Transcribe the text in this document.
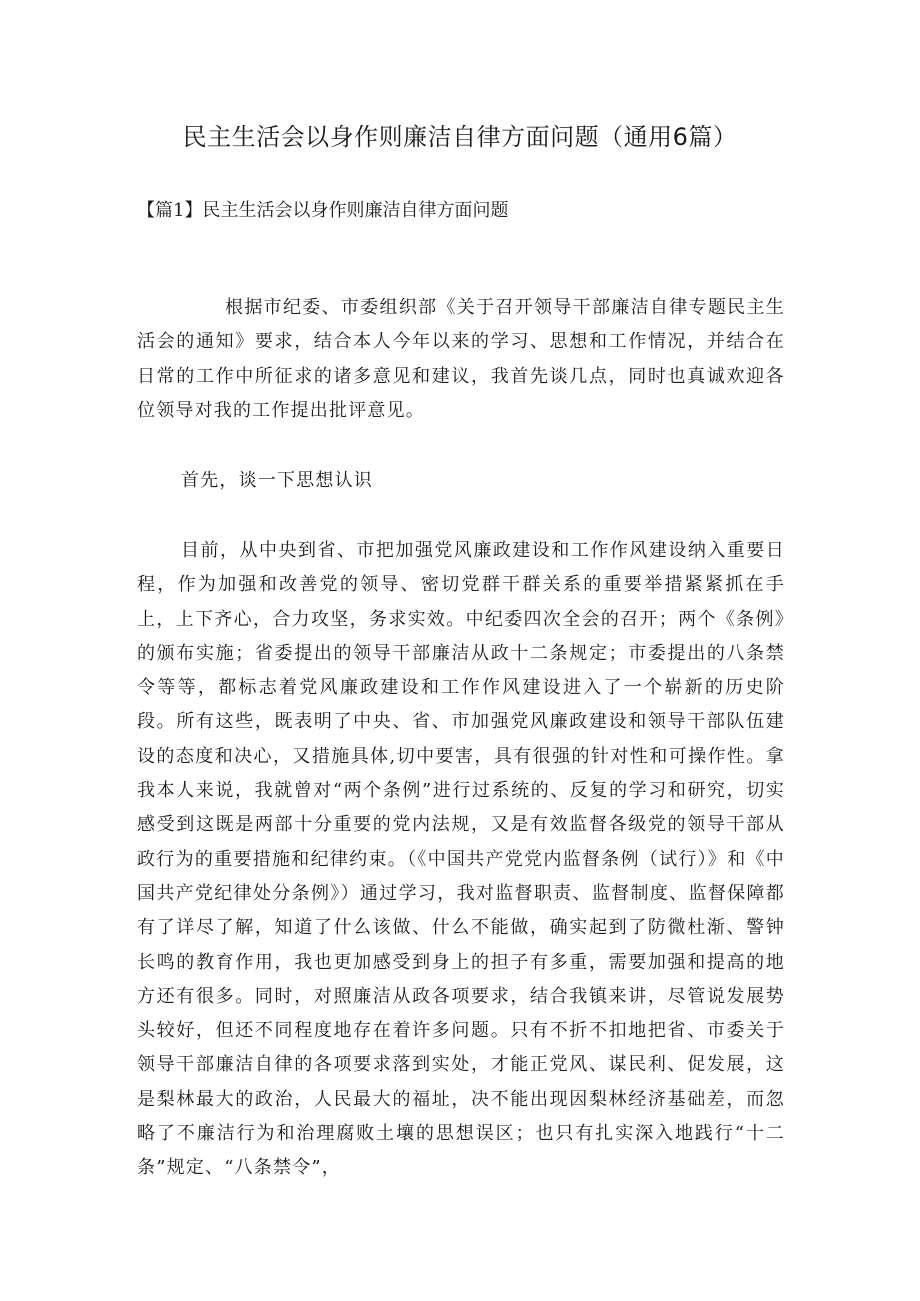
民主生活会以身作则廉洁自律方面问题（通用6篇）

【篇1】民主生活会以身作则廉洁自律方面问题

根据市纪委、市委组织部《关于召开领导干部廉洁自律专题民主生活会的通知》要求，结合本人今年以来的学习、思想和工作情况，并结合在日常的工作中所征求的诸多意见和建议，我首先谈几点，同时也真诚欢迎各位领导对我的工作提出批评意见。

首先，谈一下思想认识

目前，从中央到省、市把加强党风廉政建设和工作作风建设纳入重要日程，作为加强和改善党的领导、密切党群干群关系的重要举措紧紧抓在手上，上下齐心，合力攻坚，务求实效。中纪委四次全会的召开；两个《条例》的颁布实施；省委提出的领导干部廉洁从政十二条规定；市委提出的八条禁令等等，都标志着党风廉政建设和工作作风建设进入了一个崭新的历史阶段。所有这些，既表明了中央、省、市加强党风廉政建设和领导干部队伍建设的态度和决心，又措施具体,切中要害，具有很强的针对性和可操作性。拿我本人来说，我就曾对“两个条例”进行过系统的、反复的学习和研究，切实感受到这既是两部十分重要的党内法规，又是有效监督各级党的领导干部从政行为的重要措施和纪律约束。（《中国共产党党内监督条例（试行）》和《中国共产党纪律处分条例》）通过学习，我对监督职责、监督制度、监督保障都有了详尽了解，知道了什么该做、什么不能做，确实起到了防微杜渐、警钟长鸣的教育作用，我也更加感受到身上的担子有多重，需要加强和提高的地方还有很多。同时，对照廉洁从政各项要求，结合我镇来讲，尽管说发展势头较好，但还不同程度地存在着许多问题。只有不折不扣地把省、市委关于领导干部廉洁自律的各项要求落到实处，才能正党风、谋民利、促发展，这是梨林最大的政治，人民最大的福址，决不能出现因梨林经济基础差，而忽略了不廉洁行为和治理腐败土壤的思想误区；也只有扎实深入地践行“十二条”规定、“八条禁令”，
